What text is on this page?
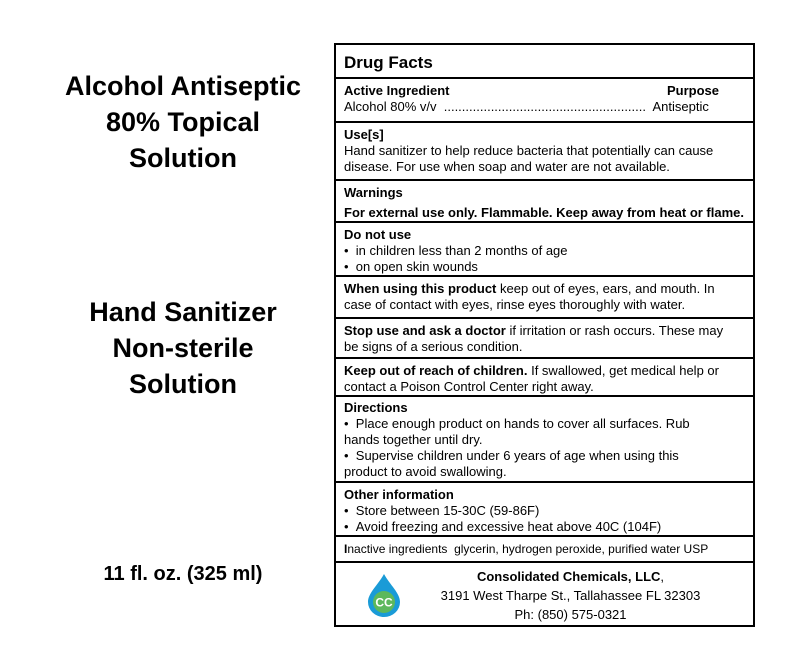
Alcohol Antiseptic
80% Topical
Solution
Hand Sanitizer
Non-sterile
Solution
11 fl. oz. (325 ml)
Drug Facts
Active Ingredient	Purpose
Alcohol 80% v/v ........................................................ Antiseptic
Use[s]
Hand sanitizer to help reduce bacteria that potentially can cause
disease. For use when soap and water are not available.
Warnings
For external use only. Flammable. Keep away from heat or flame.
Do not use
•  in children less than 2 months of age
•  on open skin wounds
When using this product keep out of eyes, ears, and mouth. In
case of contact with eyes, rinse eyes thoroughly with water.
Stop use and ask a doctor if irritation or rash occurs. These may
be signs of a serious condition.
Keep out of reach of children. If swallowed, get medical help or
contact a Poison Control Center right away.
Directions
•  Place enough product on hands to cover all surfaces. Rub
hands together until dry.
•  Supervise children under 6 years of age when using this
product to avoid swallowing.
Other information
•  Store between 15-30C (59-86F)
•  Avoid freezing and excessive heat above 40C (104F)
Inactive ingredients glycerin, hydrogen peroxide, purified water USP
CC
Consolidated Chemicals, LLC,
3191 West Tharpe St., Tallahassee FL 32303
Ph: (850) 575-0321
